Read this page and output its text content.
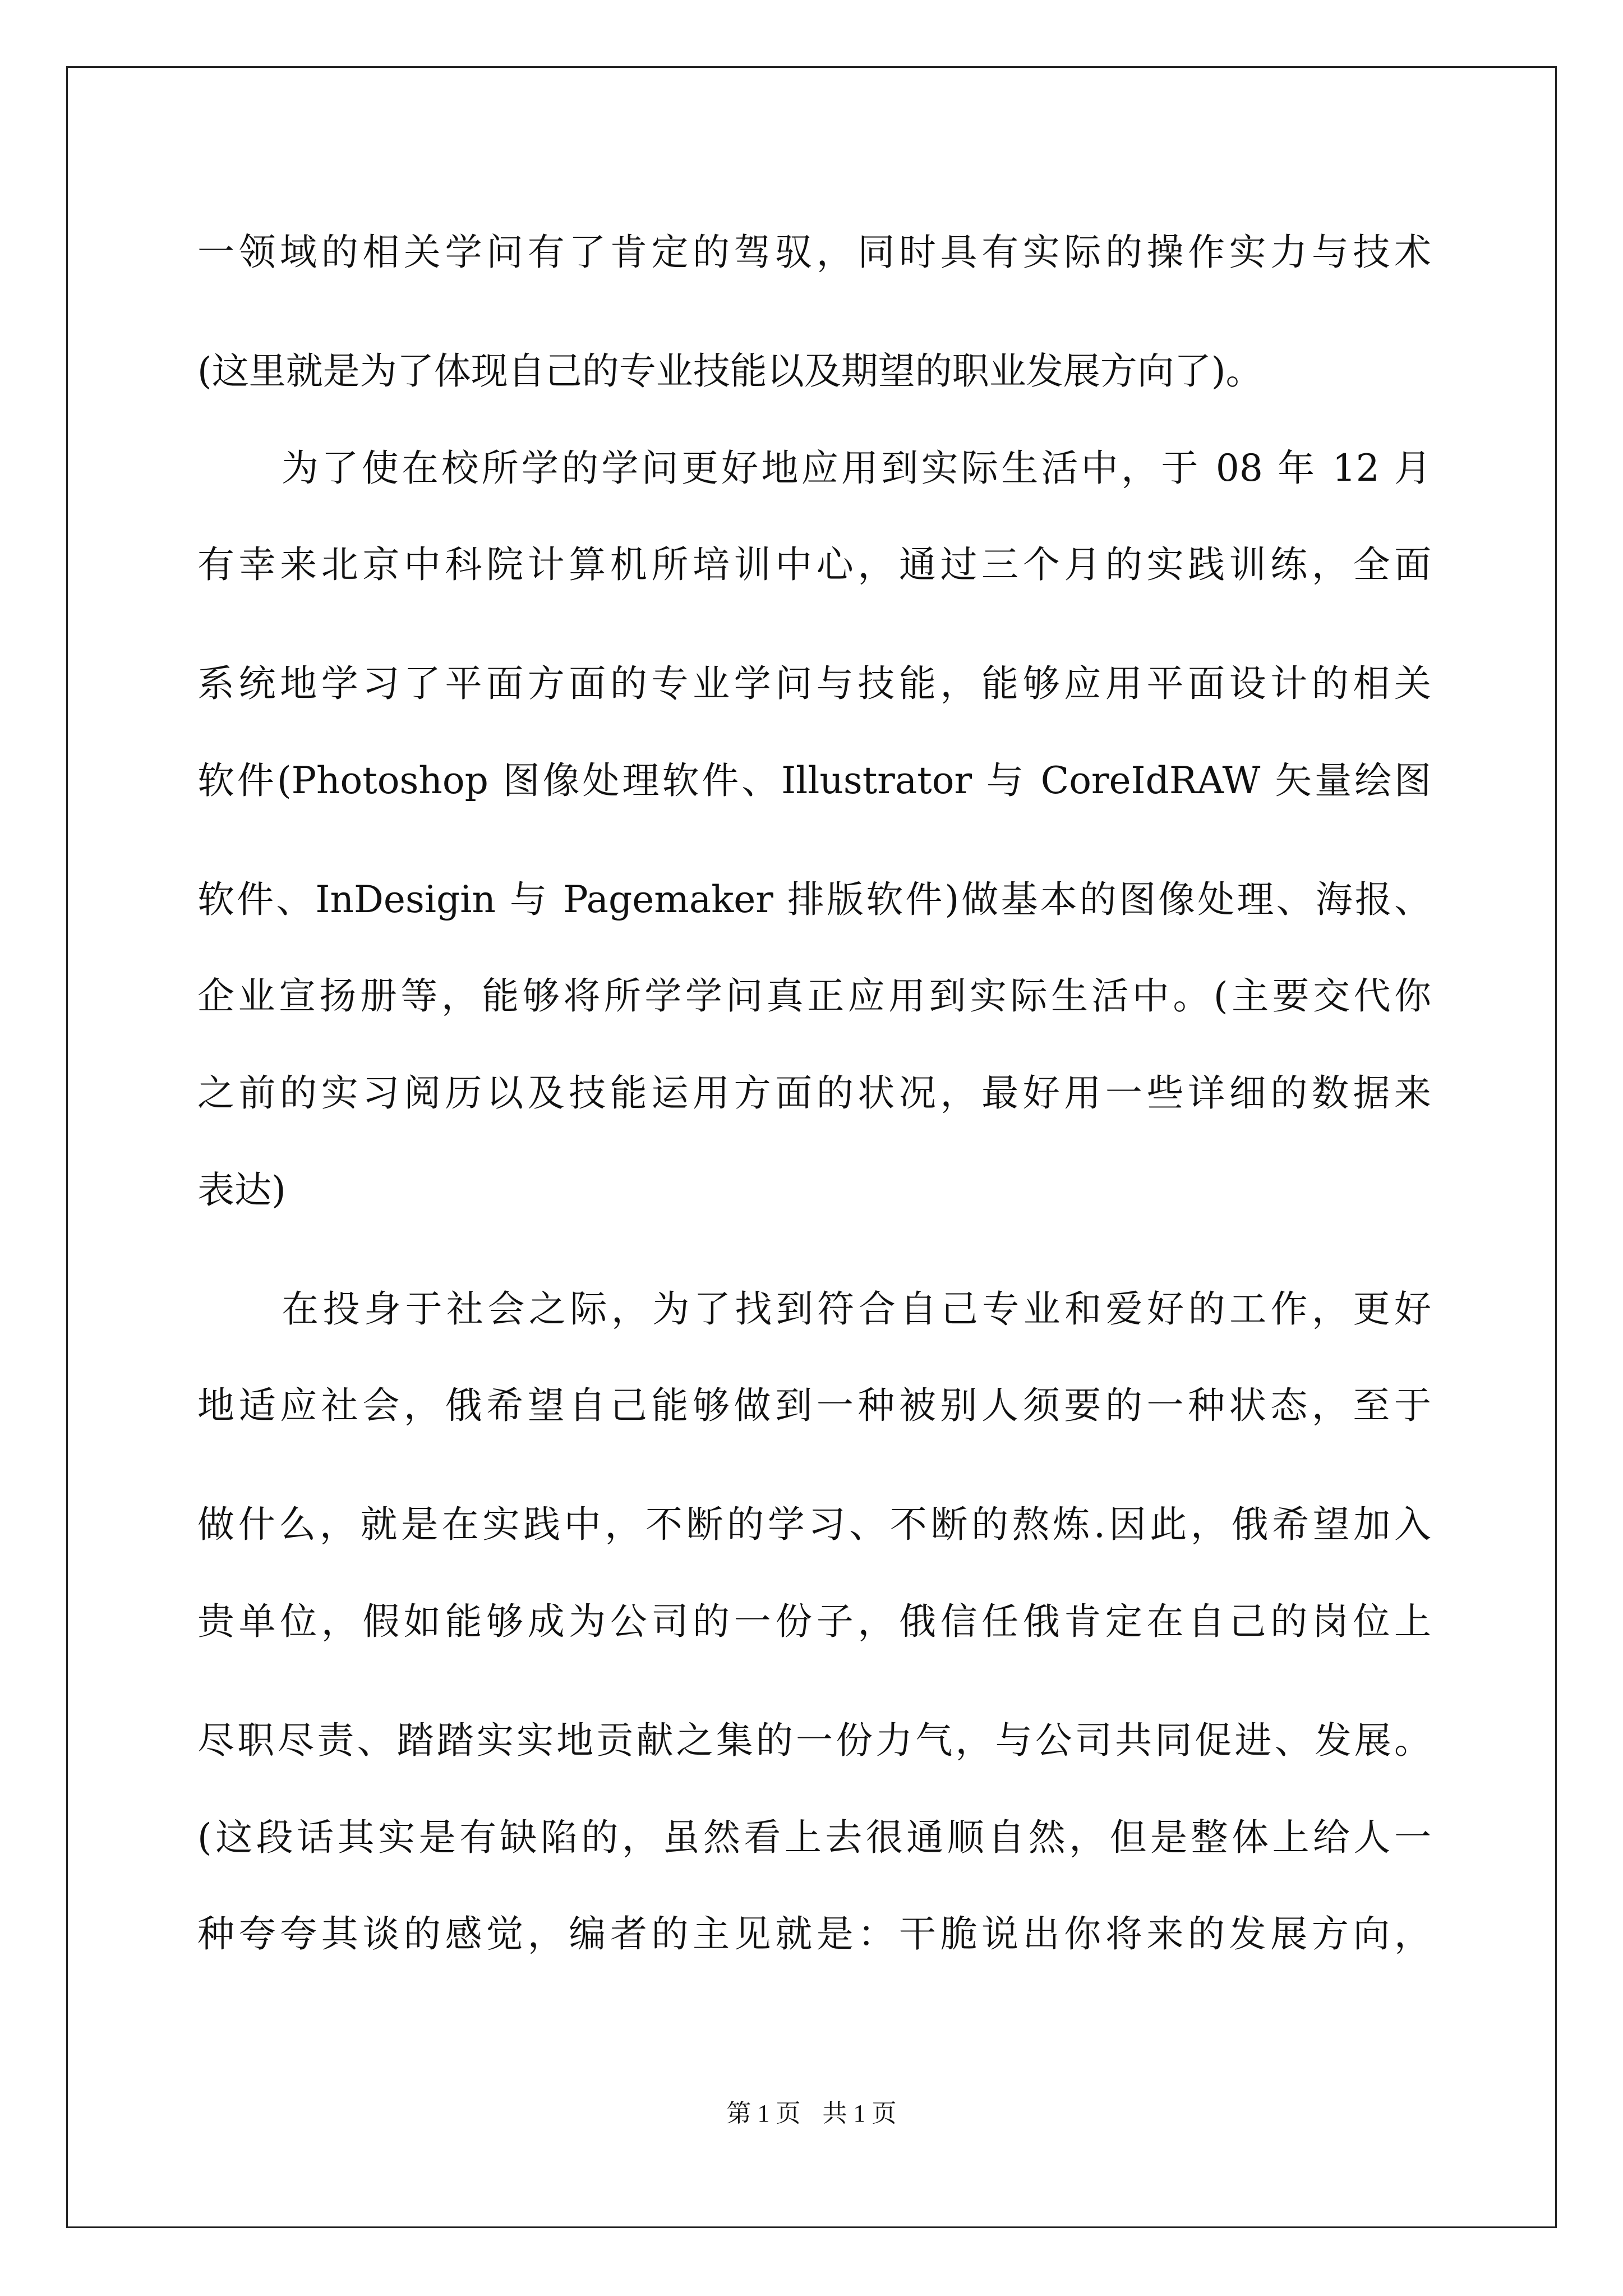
一领域的相关学问有了肯定的驾驭，同时具有实际的操作实力与技术
(这里就是为了体现自己的专业技能以及期望的职业发展方向了)。
为了使在校所学的学问更好地应用到实际生活中，于 08 年 12 月
有幸来北京中科院计算机所培训中心，通过三个月的实践训练，全面
系统地学习了平面方面的专业学问与技能，能够应用平面设计的相关
软件(Photoshop 图像处理软件、Illustrator 与 CoreIdRAW 矢量绘图
软件、InDesigin 与 Pagemaker 排版软件)做基本的图像处理、海报、
企业宣扬册等，能够将所学学问真正应用到实际生活中。(主要交代你
之前的实习阅历以及技能运用方面的状况，最好用一些详细的数据来
表达)
在投身于社会之际，为了找到符合自己专业和爱好的工作，更好
地适应社会，俄希望自己能够做到一种被别人须要的一种状态，至于
做什么，就是在实践中，不断的学习、不断的熬炼.因此，俄希望加入
贵单位，假如能够成为公司的一份子，俄信任俄肯定在自己的岗位上
尽职尽责、踏踏实实地贡献之集的一份力气，与公司共同促进、发展。
(这段话其实是有缺陷的，虽然看上去很通顺自然，但是整体上给人一
种夸夸其谈的感觉，编者的主见就是：干脆说出你将来的发展方向，
第 1 页 共 1 页
